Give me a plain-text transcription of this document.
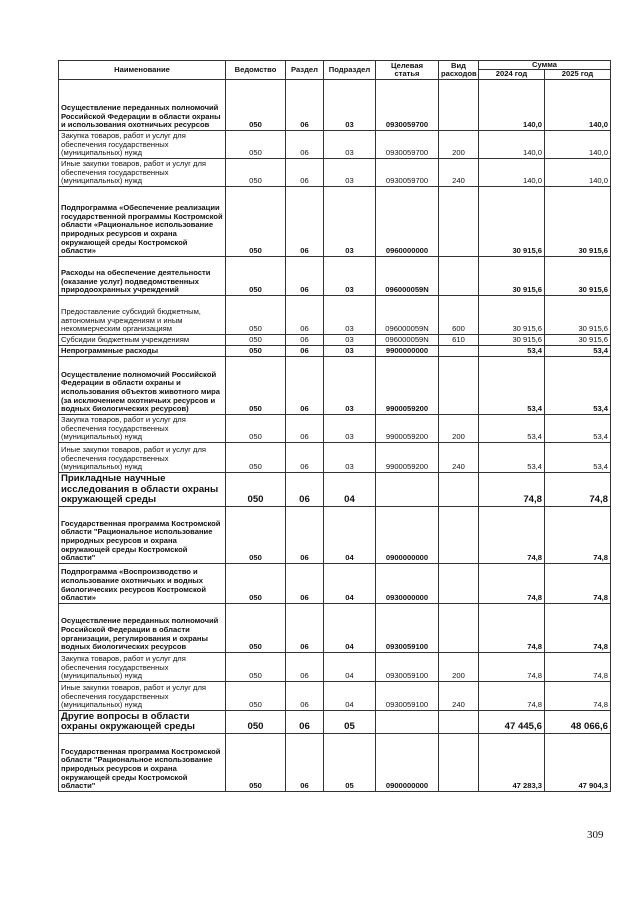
Наименование	Ведомство	Раздел	Подраздел	Целевая статья	Вид расходов	Сумма	
						2024 год	2025 год
Осуществление переданных полномочий Российской Федерации в области охраны и использования охотничьих ресурсов	050	06	03	0930059700		140,0	140,0
Закупка товаров, работ и услуг для обеспечения государственных (муниципальных) нужд	050	06	03	0930059700	200	140,0	140,0
Иные закупки товаров, работ и услуг для обеспечения государственных (муниципальных) нужд	050	06	03	0930059700	240	140,0	140,0
Подпрограмма «Обеспечение реализации государственной программы Костромской области «Рациональное использование природных ресурсов и охрана окружающей среды Костромской области»	050	06	03	0960000000		30 915,6	30 915,6
Расходы на обеспечение деятельности (оказание услуг) подведомственных природоохранных учреждений	050	06	03	096000059N		30 915,6	30 915,6
Предоставление субсидий бюджетным, автономным учреждениям и иным некоммерческим организациям	050	06	03	096000059N	600	30 915,6	30 915,6
Субсидии бюджетным учреждениям	050	06	03	096000059N	610	30 915,6	30 915,6
Непрограммные расходы	050	06	03	9900000000		53,4	53,4
Осуществление полномочий Российской Федерации в области охраны и использования объектов животного мира (за исключением охотничьих ресурсов и водных биологических ресурсов)	050	06	03	9900059200		53,4	53,4
Закупка товаров, работ и услуг для обеспечения государственных (муниципальных) нужд	050	06	03	9900059200	200	53,4	53,4
Иные закупки товаров, работ и услуг для обеспечения государственных (муниципальных) нужд	050	06	03	9900059200	240	53,4	53,4
Прикладные научные исследования в области охраны окружающей среды	050	06	04			74,8	74,8
Государственная программа Костромской области "Рациональное использование природных ресурсов и охрана окружающей среды Костромской области"	050	06	04	0900000000		74,8	74,8
Подпрограмма «Воспроизводство и использование охотничьих и водных биологических ресурсов Костромской области»	050	06	04	0930000000		74,8	74,8
Осуществление переданных полномочий Российской Федерации в области организации, регулирования и охраны водных биологических ресурсов	050	06	04	0930059100		74,8	74,8
Закупка товаров, работ и услуг для обеспечения государственных (муниципальных) нужд	050	06	04	0930059100	200	74,8	74,8
Иные закупки товаров, работ и услуг для обеспечения государственных (муниципальных) нужд	050	06	04	0930059100	240	74,8	74,8
Другие вопросы в области охраны окружающей среды	050	06	05			47 445,6	48 066,6
Государственная программа Костромской области "Рациональное использование природных ресурсов и охрана окружающей среды Костромской области"	050	06	05	0900000000		47 283,3	47 904,3
309
